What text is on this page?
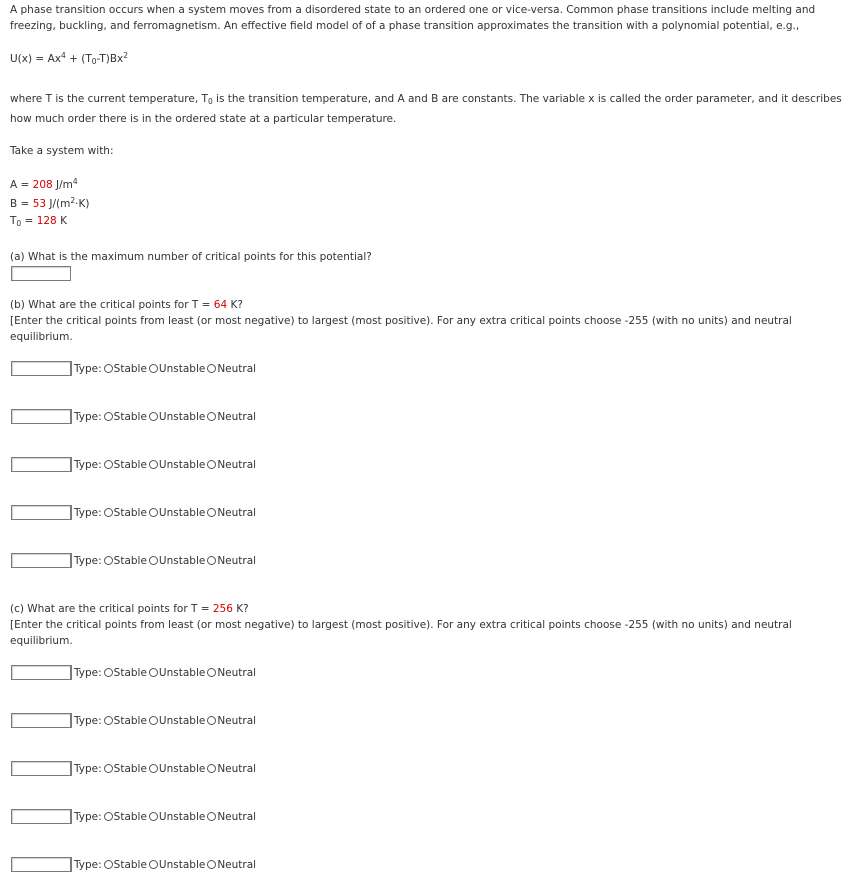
A phase transition occurs when a system moves from a disordered state to an ordered one or vice-versa. Common phase transitions include melting and
freezing, buckling, and ferromagnetism. An effective field model of of a phase transition approximates the transition with a polynomial potential, e.g.,
$U(x) = Ax^4 + (T_0-T)Bx^2$
where T is the current temperature, $T_0$ is the transition temperature, and A and B are constants. The variable x is called the order parameter, and it describes
how much order there is in the ordered state at a particular temperature.
Take a system with:
A = 208 $J/m^4$
B = 53 $J/(m^2\cdot K)$
$T_0 = 128$ K
(a) What is the maximum number of critical points for this potential?
(b) What are the critical points for T = 64 K?
[Enter the critical points from least (or most negative) to largest (most positive). For any extra critical points choose -255 (with no units) and neutral
equilibrium.
Type: Stable Unstable Neutral
Type: Stable Unstable Neutral
Type: Stable Unstable Neutral
Type: Stable Unstable Neutral
Type: Stable Unstable Neutral
(c) What are the critical points for T = 256 K?
[Enter the critical points from least (or most negative) to largest (most positive). For any extra critical points choose -255 (with no units) and neutral
equilibrium.
Type: Stable Unstable Neutral
Type: Stable Unstable Neutral
Type: Stable Unstable Neutral
Type: Stable Unstable Neutral
Type: Stable Unstable Neutral
